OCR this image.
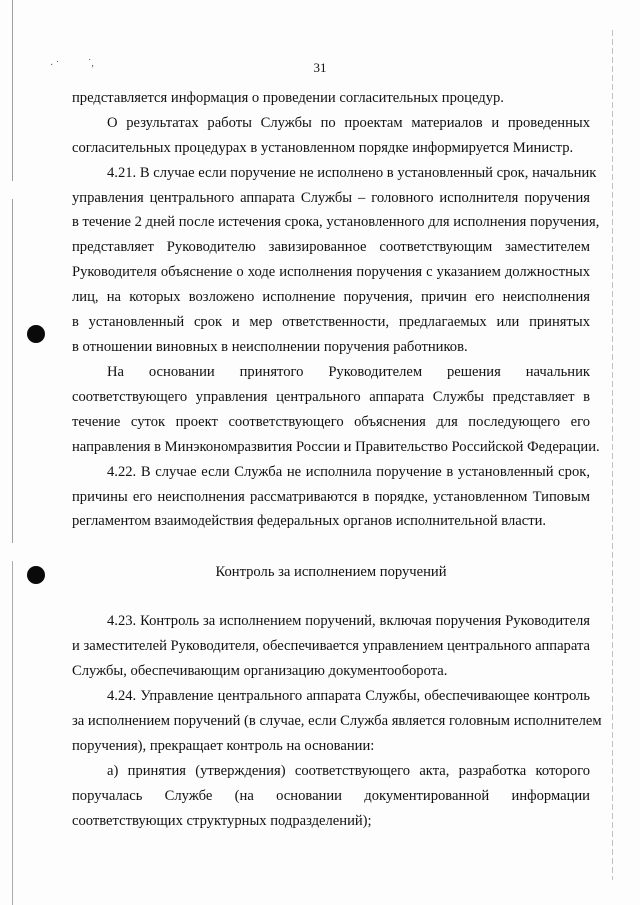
· ˙	˙,	31
представляется информация о проведении согласительных процедур.
О результатах работы Службы по проектам материалов и проведенных
согласительных процедурах в установленном порядке информируется Министр.
4.21. В случае если поручение не исполнено в установленный срок, начальник
управления центрального аппарата Службы – головного исполнителя поручения
в течение 2 дней после истечения срока, установленного для исполнения поручения,
представляет Руководителю завизированное соответствующим заместителем
Руководителя объяснение о ходе исполнения поручения с указанием должностных
лиц, на которых возложено исполнение поручения, причин его неисполнения
в установленный срок и мер ответственности, предлагаемых или принятых
в отношении виновных в неисполнении поручения работников.
На основании принятого Руководителем решения начальник
соответствующего управления центрального аппарата Службы представляет в
течение суток проект соответствующего объяснения для последующего его
направления в Минэкономразвития России и Правительство Российской Федерации.
4.22. В случае если Служба не исполнила поручение в установленный срок,
причины его неисполнения рассматриваются в порядке, установленном Типовым
регламентом взаимодействия федеральных органов исполнительной власти.
Контроль за исполнением поручений
4.23. Контроль за исполнением поручений, включая поручения Руководителя
и заместителей Руководителя, обеспечивается управлением центрального аппарата
Службы, обеспечивающим организацию документооборота.
4.24. Управление центрального аппарата Службы, обеспечивающее контроль
за исполнением поручений (в случае, если Служба является головным исполнителем
поручения), прекращает контроль на основании:
а) принятия (утверждения) соответствующего акта, разработка которого
поручалась Службе (на основании документированной информации
соответствующих структурных подразделений);
